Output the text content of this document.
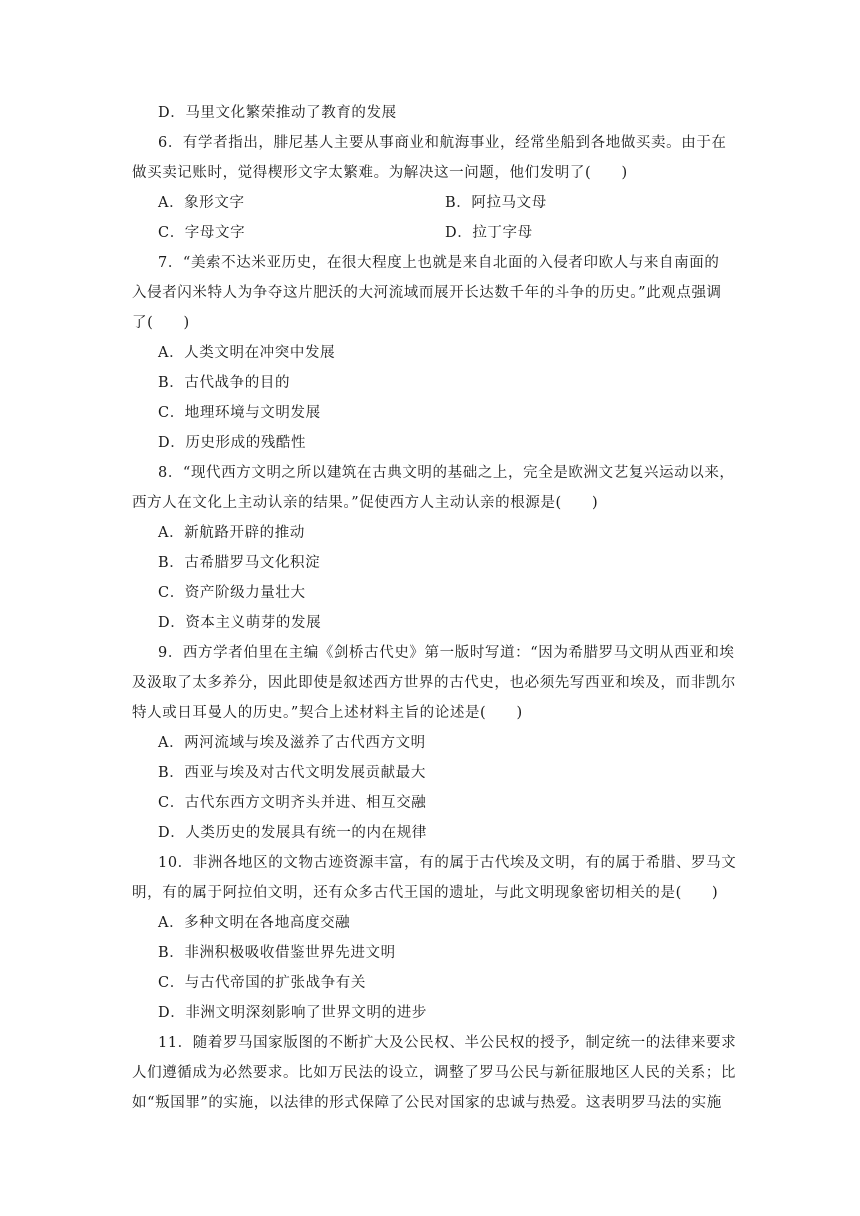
D．马里文化繁荣推动了教育的发展
6．有学者指出，腓尼基人主要从事商业和航海事业，经常坐船到各地做买卖。由于在
做买卖记账时，觉得楔形文字太繁难。为解决这一问题，他们发明了(　　)
A．象形文字	B．阿拉马文母
C．字母文字	D．拉丁字母
7．“美索不达米亚历史，在很大程度上也就是来自北面的入侵者印欧人与来自南面的
入侵者闪米特人为争夺这片肥沃的大河流域而展开长达数千年的斗争的历史。”此观点强调
了(　　)
A．人类文明在冲突中发展
B．古代战争的目的
C．地理环境与文明发展
D．历史形成的残酷性
8．“现代西方文明之所以建筑在古典文明的基础之上，完全是欧洲文艺复兴运动以来，
西方人在文化上主动认亲的结果。”促使西方人主动认亲的根源是(　　)
A．新航路开辟的推动
B．古希腊罗马文化积淀
C．资产阶级力量壮大
D．资本主义萌芽的发展
9．西方学者伯里在主编《剑桥古代史》第一版时写道：“因为希腊罗马文明从西亚和埃
及汲取了太多养分，因此即使是叙述西方世界的古代史，也必须先写西亚和埃及，而非凯尔
特人或日耳曼人的历史。”契合上述材料主旨的论述是(　　)
A．两河流域与埃及滋养了古代西方文明
B．西亚与埃及对古代文明发展贡献最大
C．古代东西方文明齐头并进、相互交融
D．人类历史的发展具有统一的内在规律
10．非洲各地区的文物古迹资源丰富，有的属于古代埃及文明，有的属于希腊、罗马文
明，有的属于阿拉伯文明，还有众多古代王国的遗址，与此文明现象密切相关的是(　　)
A．多种文明在各地高度交融
B．非洲积极吸收借鉴世界先进文明
C．与古代帝国的扩张战争有关
D．非洲文明深刻影响了世界文明的进步
11．随着罗马国家版图的不断扩大及公民权、半公民权的授予，制定统一的法律来要求
人们遵循成为必然要求。比如万民法的设立，调整了罗马公民与新征服地区人民的关系；比
如“叛国罪”的实施，以法律的形式保障了公民对国家的忠诚与热爱。这表明罗马法的实施
